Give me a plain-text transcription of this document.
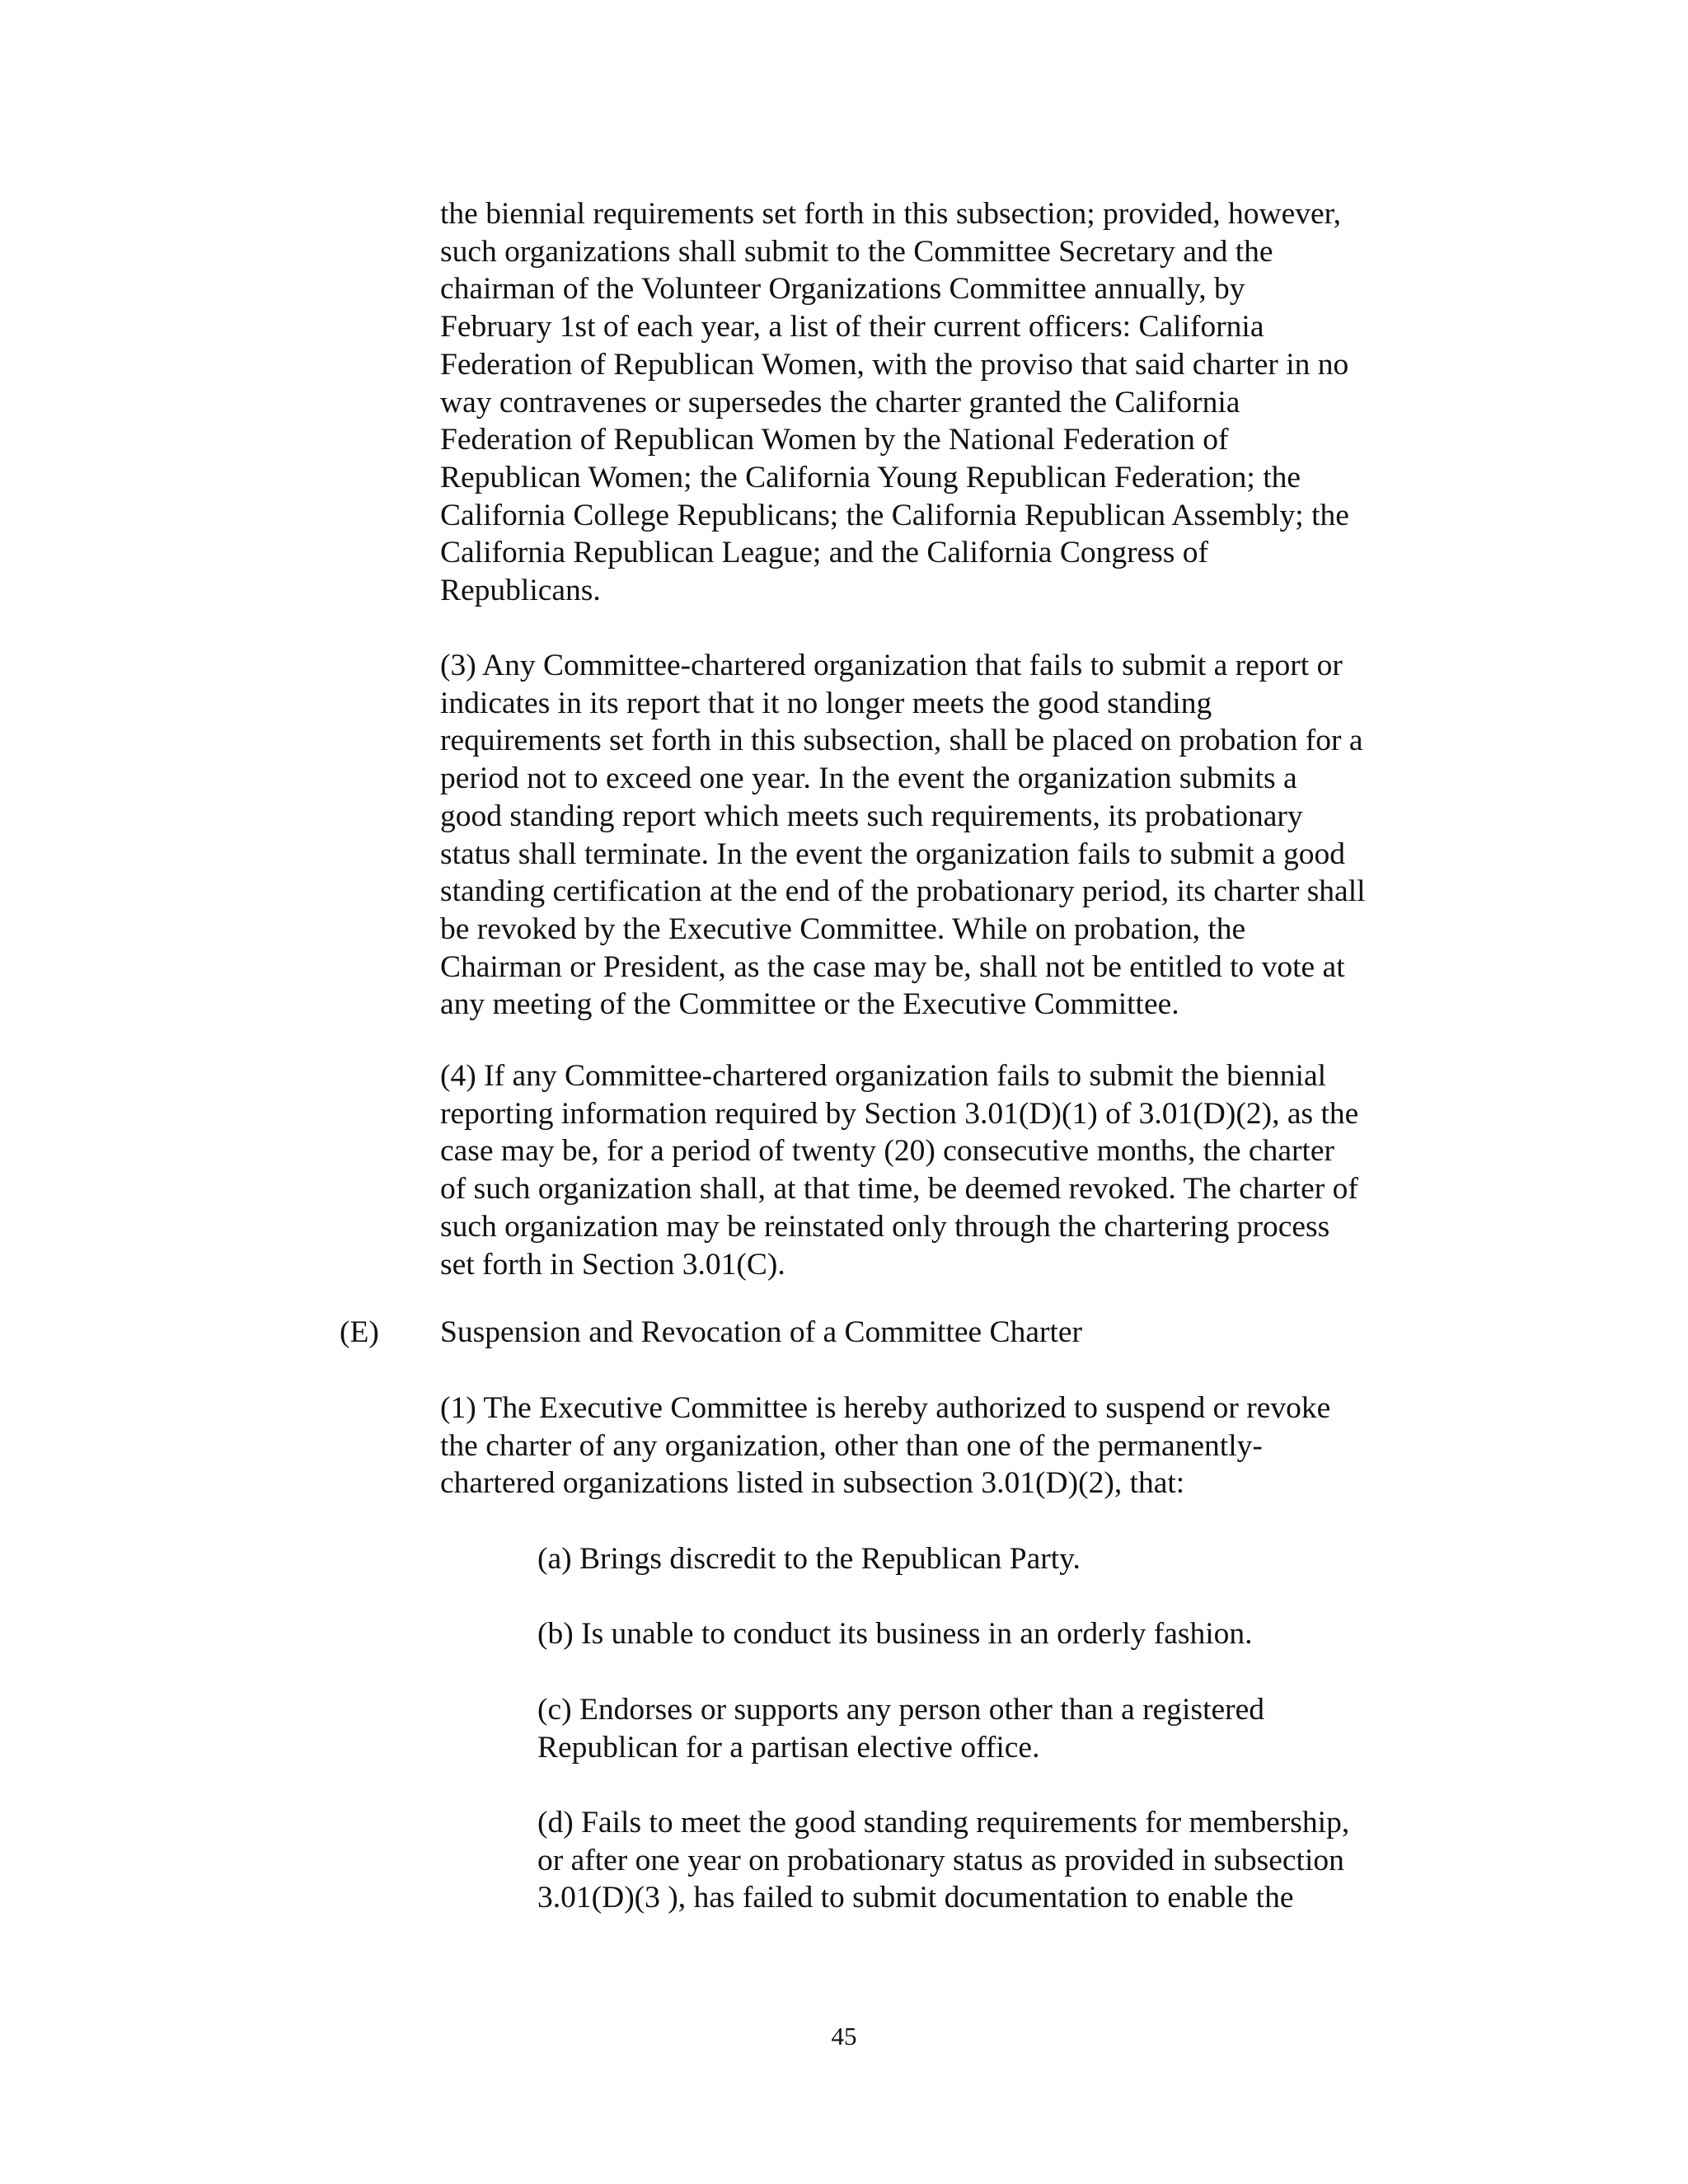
the biennial requirements set forth in this subsection; provided, however,
such organizations shall submit to the Committee Secretary and the
chairman of the Volunteer Organizations Committee annually, by
February 1st of each year, a list of their current officers: California
Federation of Republican Women, with the proviso that said charter in no
way contravenes or supersedes the charter granted the California
Federation of Republican Women by the National Federation of
Republican Women; the California Young Republican Federation; the
California College Republicans; the California Republican Assembly; the
California Republican League; and the California Congress of
Republicans.
(3) Any Committee-chartered organization that fails to submit a report or
indicates in its report that it no longer meets the good standing
requirements set forth in this subsection, shall be placed on probation for a
period not to exceed one year. In the event the organization submits a
good standing report which meets such requirements, its probationary
status shall terminate. In the event the organization fails to submit a good
standing certification at the end of the probationary period, its charter shall
be revoked by the Executive Committee. While on probation, the
Chairman or President, as the case may be, shall not be entitled to vote at
any meeting of the Committee or the Executive Committee.
(4) If any Committee-chartered organization fails to submit the biennial
reporting information required by Section 3.01(D)(1) of 3.01(D)(2), as the
case may be, for a period of twenty (20) consecutive months, the charter
of such organization shall, at that time, be deemed revoked. The charter of
such organization may be reinstated only through the chartering process
set forth in Section 3.01(C).

(E) Suspension and Revocation of a Committee Charter

(1) The Executive Committee is hereby authorized to suspend or revoke
the charter of any organization, other than one of the permanently-
chartered organizations listed in subsection 3.01(D)(2), that:
(a) Brings discredit to the Republican Party.
(b) Is unable to conduct its business in an orderly fashion.
(c) Endorses or supports any person other than a registered
Republican for a partisan elective office.
(d) Fails to meet the good standing requirements for membership,
or after one year on probationary status as provided in subsection
3.01(D)(3 ), has failed to submit documentation to enable the

45
